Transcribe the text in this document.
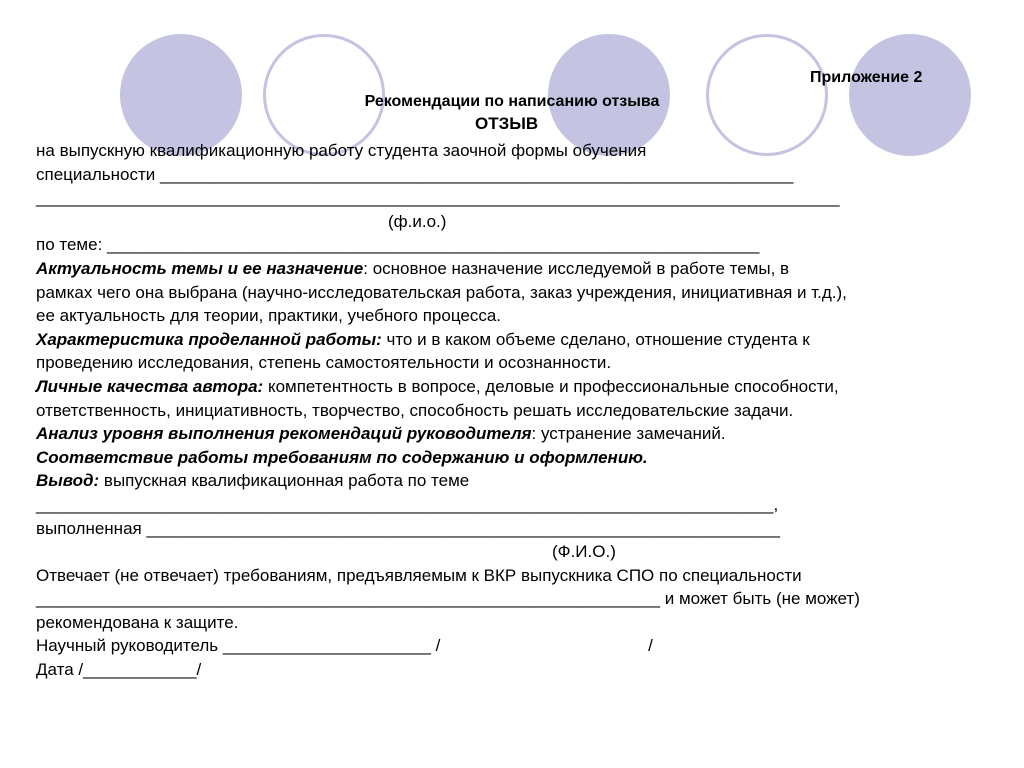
Приложение 2
Рекомендации по написанию отзыва
ОТЗЫВ
на выпускную квалификационную работу студента заочной формы обучения
специальности ___________________________________________________________________
_____________________________________________________________________________________
(ф.и.о.)
по теме: _____________________________________________________________________
Актуальность темы и ее назначение: основное назначение исследуемой в работе темы, в
рамках чего она выбрана (научно-исследовательская работа, заказ учреждения, инициативная и т.д.),
ее актуальность для теории, практики, учебного процесса.
Характеристика проделанной работы: что и в каком объеме сделано, отношение студента к
проведению исследования, степень самостоятельности и осознанности.
Личные качества автора: компетентность в вопросе, деловые и профессиональные способности,
ответственность, инициативность, творчество, способность решать исследовательские задачи.
Анализ уровня выполнения рекомендаций руководителя: устранение замечаний.
Соответствие работы требованиям по содержанию и оформлению.
Вывод: выпускная квалификационная работа по теме
______________________________________________________________________________,
выполненная ___________________________________________________________________
(Ф.И.О.)
Отвечает (не отвечает) требованиям, предъявляемым к ВКР выпускника СПО по специальности
__________________________________________________________________ и может быть (не может)
рекомендована к защите.
Научный руководитель ______________________ /                                            /
Дата /____________/
